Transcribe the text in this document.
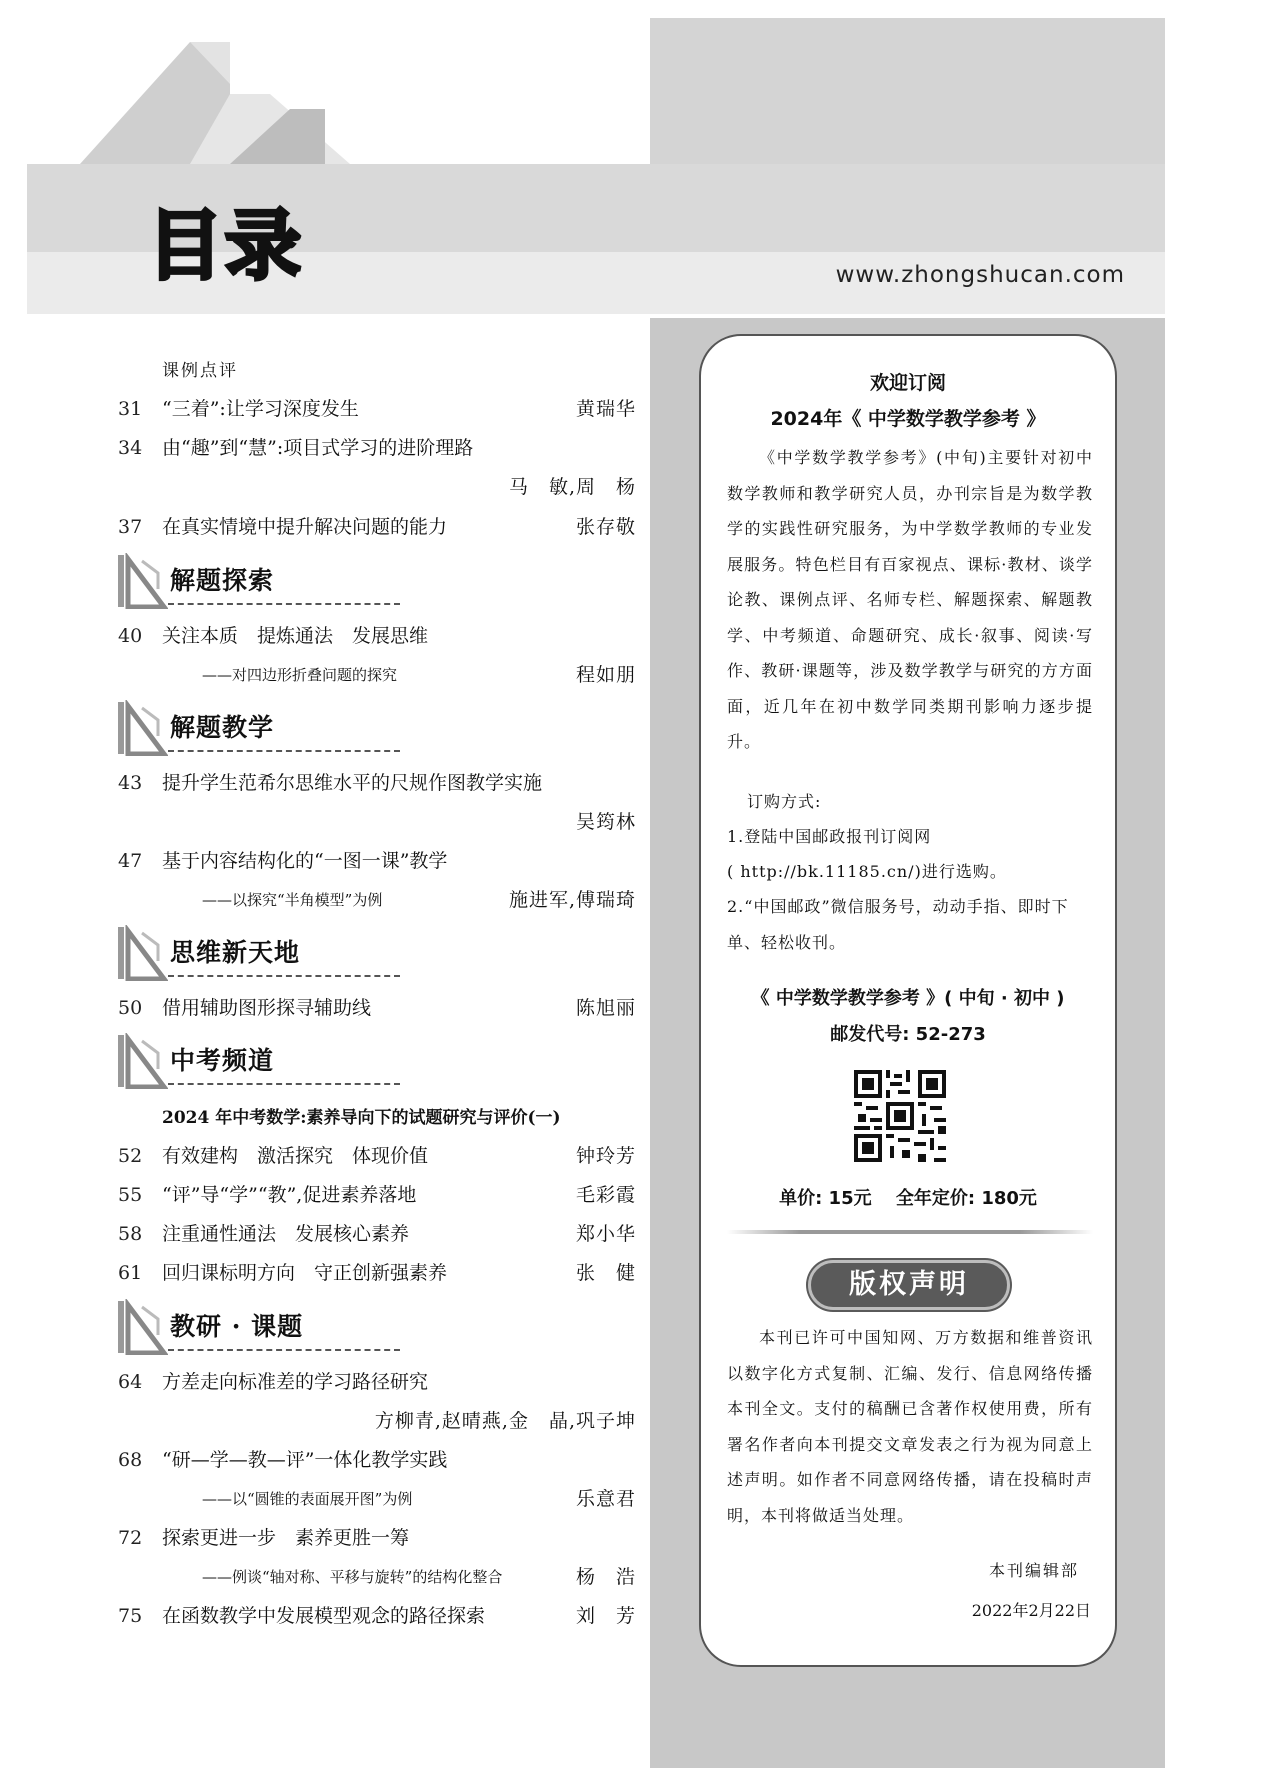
目录	www.zhongshucan.com
欢迎订阅
2024年《 中学数学教学参考 》
《中学数学教学参考》(中旬)主要针对初中数学教师和教学研究人员，办刊宗旨是为数学教学的实践性研究服务，为中学数学教师的专业发展服务。特色栏目有百家视点、课标·教材、谈学论教、课例点评、名师专栏、解题探索、解题教学、中考频道、命题研究、成长·叙事、阅读·写作、教研·课题等，涉及数学教学与研究的方方面面，近几年在初中数学同类期刊影响力逐步提升。
订购方式:
1.登陆中国邮政报刊订阅网
( http://bk.11185.cn/)进行选购。
2.“中国邮政”微信服务号，动动手指、即时下单、轻松收刊。
《 中学数学教学参考 》( 中旬 · 初中 )
邮发代号: 52-273
单价: 15元　 全年定价: 180元
版权声明
本刊已许可中国知网、万方数据和维普资讯以数字化方式复制、汇编、发行、信息网络传播本刊全文。支付的稿酬已含著作权使用费，所有署名作者向本刊提交文章发表之行为视为同意上述声明。如作者不同意网络传播，请在投稿时声明，本刊将做适当处理。
本刊编辑部
2022年2月22日
课例点评
31	“三着”:让学习深度发生	黄瑞华
34	由“趣”到“慧”:项目式学习的进阶理路
马　敏,周　杨
37	在真实情境中提升解决问题的能力	张存敬
解题探索
40	关注本质　提炼通法　发展思维
——对四边形折叠问题的探究	程如朋
解题教学
43	提升学生范希尔思维水平的尺规作图教学实施
吴筠林
47	基于内容结构化的“一图一课”教学
——以探究“半角模型”为例	施进军,傅瑞琦
思维新天地
50	借用辅助图形探寻辅助线	陈旭丽
中考频道
2024 年中考数学:素养导向下的试题研究与评价(一)
52	有效建构　激活探究　体现价值	钟玲芳
55	“评”导“学”“教”,促进素养落地	毛彩霞
58	注重通性通法　发展核心素养	郑小华
61	回归课标明方向　守正创新强素养	张　健
教研 · 课题
64	方差走向标准差的学习路径研究
方柳青,赵晴燕,金　晶,巩子坤
68	“研—学—教—评”一体化教学实践
——以“圆锥的表面展开图”为例	乐意君
72	探索更进一步　素养更胜一筹
——例谈“轴对称、平移与旋转”的结构化整合	杨　浩
75	在函数教学中发展模型观念的路径探索	刘　芳
